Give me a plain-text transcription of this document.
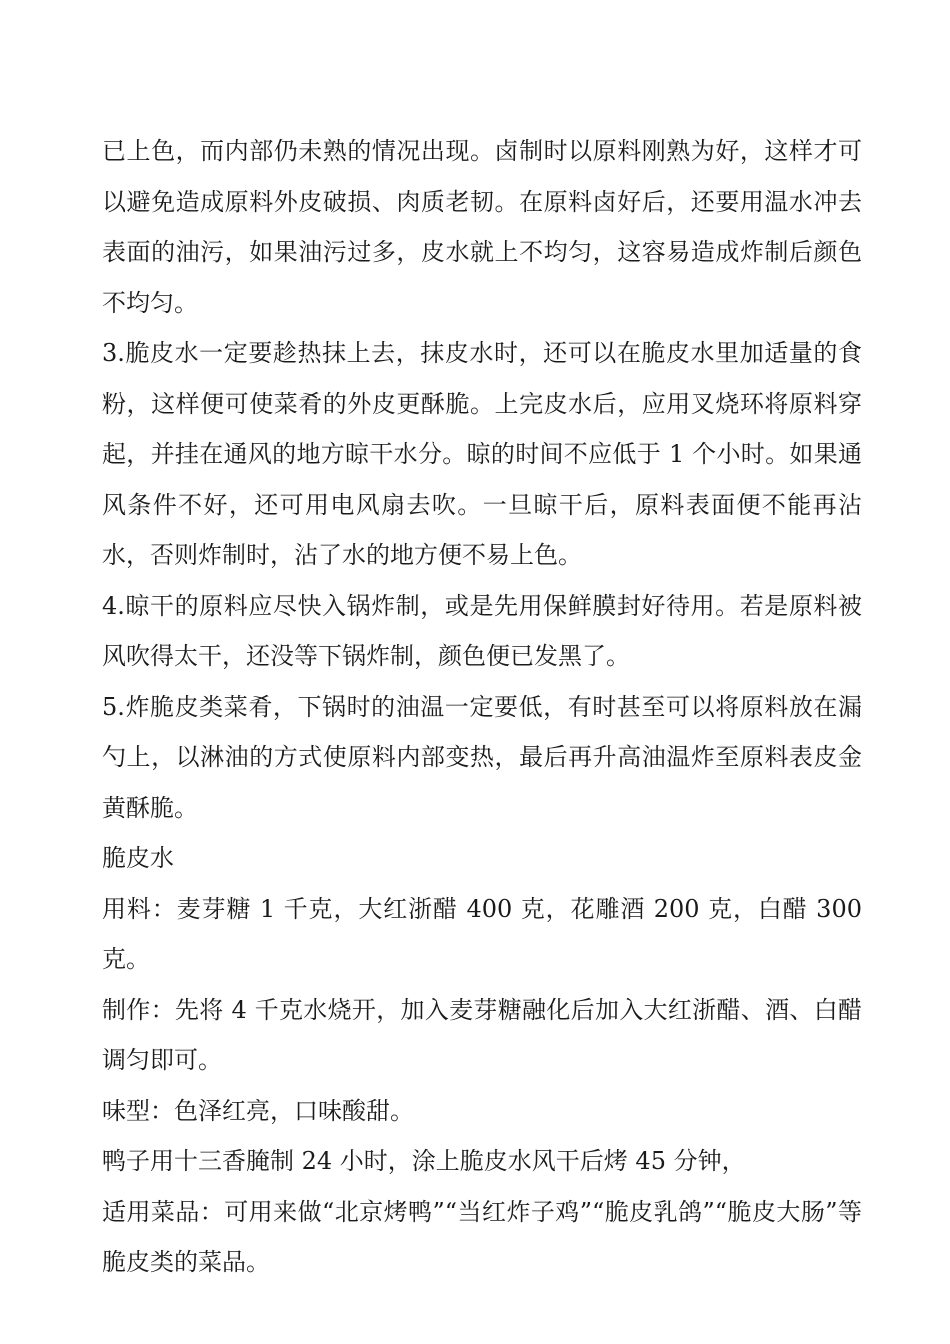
已上色，而内部仍未熟的情况出现。卤制时以原料刚熟为好，这样才可以避免造成原料外皮破损、肉质老韧。在原料卤好后，还要用温水冲去表面的油污，如果油污过多，皮水就上不均匀，这容易造成炸制后颜色不均匀。

3.脆皮水一定要趁热抹上去，抹皮水时，还可以在脆皮水里加适量的食粉，这样便可使菜肴的外皮更酥脆。上完皮水后，应用叉烧环将原料穿起，并挂在通风的地方晾干水分。晾的时间不应低于 1 个小时。如果通风条件不好，还可用电风扇去吹。一旦晾干后，原料表面便不能再沾水，否则炸制时，沾了水的地方便不易上色。

4.晾干的原料应尽快入锅炸制，或是先用保鲜膜封好待用。若是原料被风吹得太干，还没等下锅炸制，颜色便已发黑了。

5.炸脆皮类菜肴，下锅时的油温一定要低，有时甚至可以将原料放在漏勺上，以淋油的方式使原料内部变热，最后再升高油温炸至原料表皮金黄酥脆。

脆皮水

用料：麦芽糖 1 千克，大红浙醋 400 克，花雕酒 200 克，白醋 300 克。

制作：先将 4 千克水烧开，加入麦芽糖融化后加入大红浙醋、酒、白醋调匀即可。

味型：色泽红亮，口味酸甜。

鸭子用十三香腌制 24 小时，涂上脆皮水风干后烤 45 分钟，

适用菜品：可用来做“北京烤鸭”“当红炸子鸡”“脆皮乳鸽”“脆皮大肠”等脆皮类的菜品。
